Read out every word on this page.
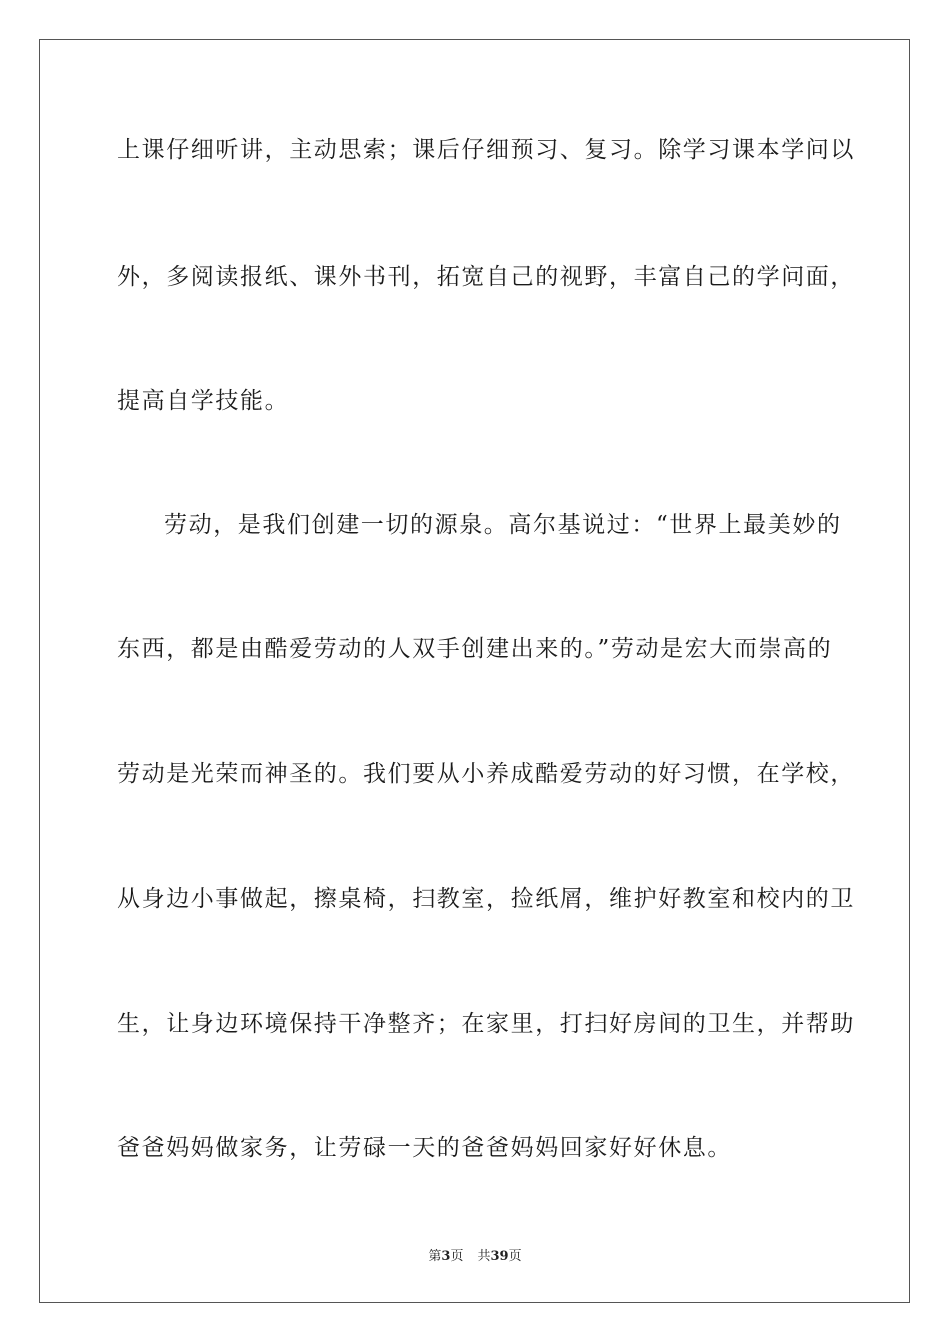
上课仔细听讲，主动思索；课后仔细预习、复习。除学习课本学问以
外，多阅读报纸、课外书刊，拓宽自己的视野，丰富自己的学问面，
提高自学技能。
劳动，是我们创建一切的源泉。高尔基说过：“世界上最美妙的
东西，都是由酷爱劳动的人双手创建出来的。”劳动是宏大而崇高的
劳动是光荣而神圣的。我们要从小养成酷爱劳动的好习惯，在学校，
从身边小事做起，擦桌椅，扫教室，捡纸屑，维护好教室和校内的卫
生，让身边环境保持干净整齐；在家里，打扫好房间的卫生，并帮助
爸爸妈妈做家务，让劳碌一天的爸爸妈妈回家好好休息。
第3页 共39页
